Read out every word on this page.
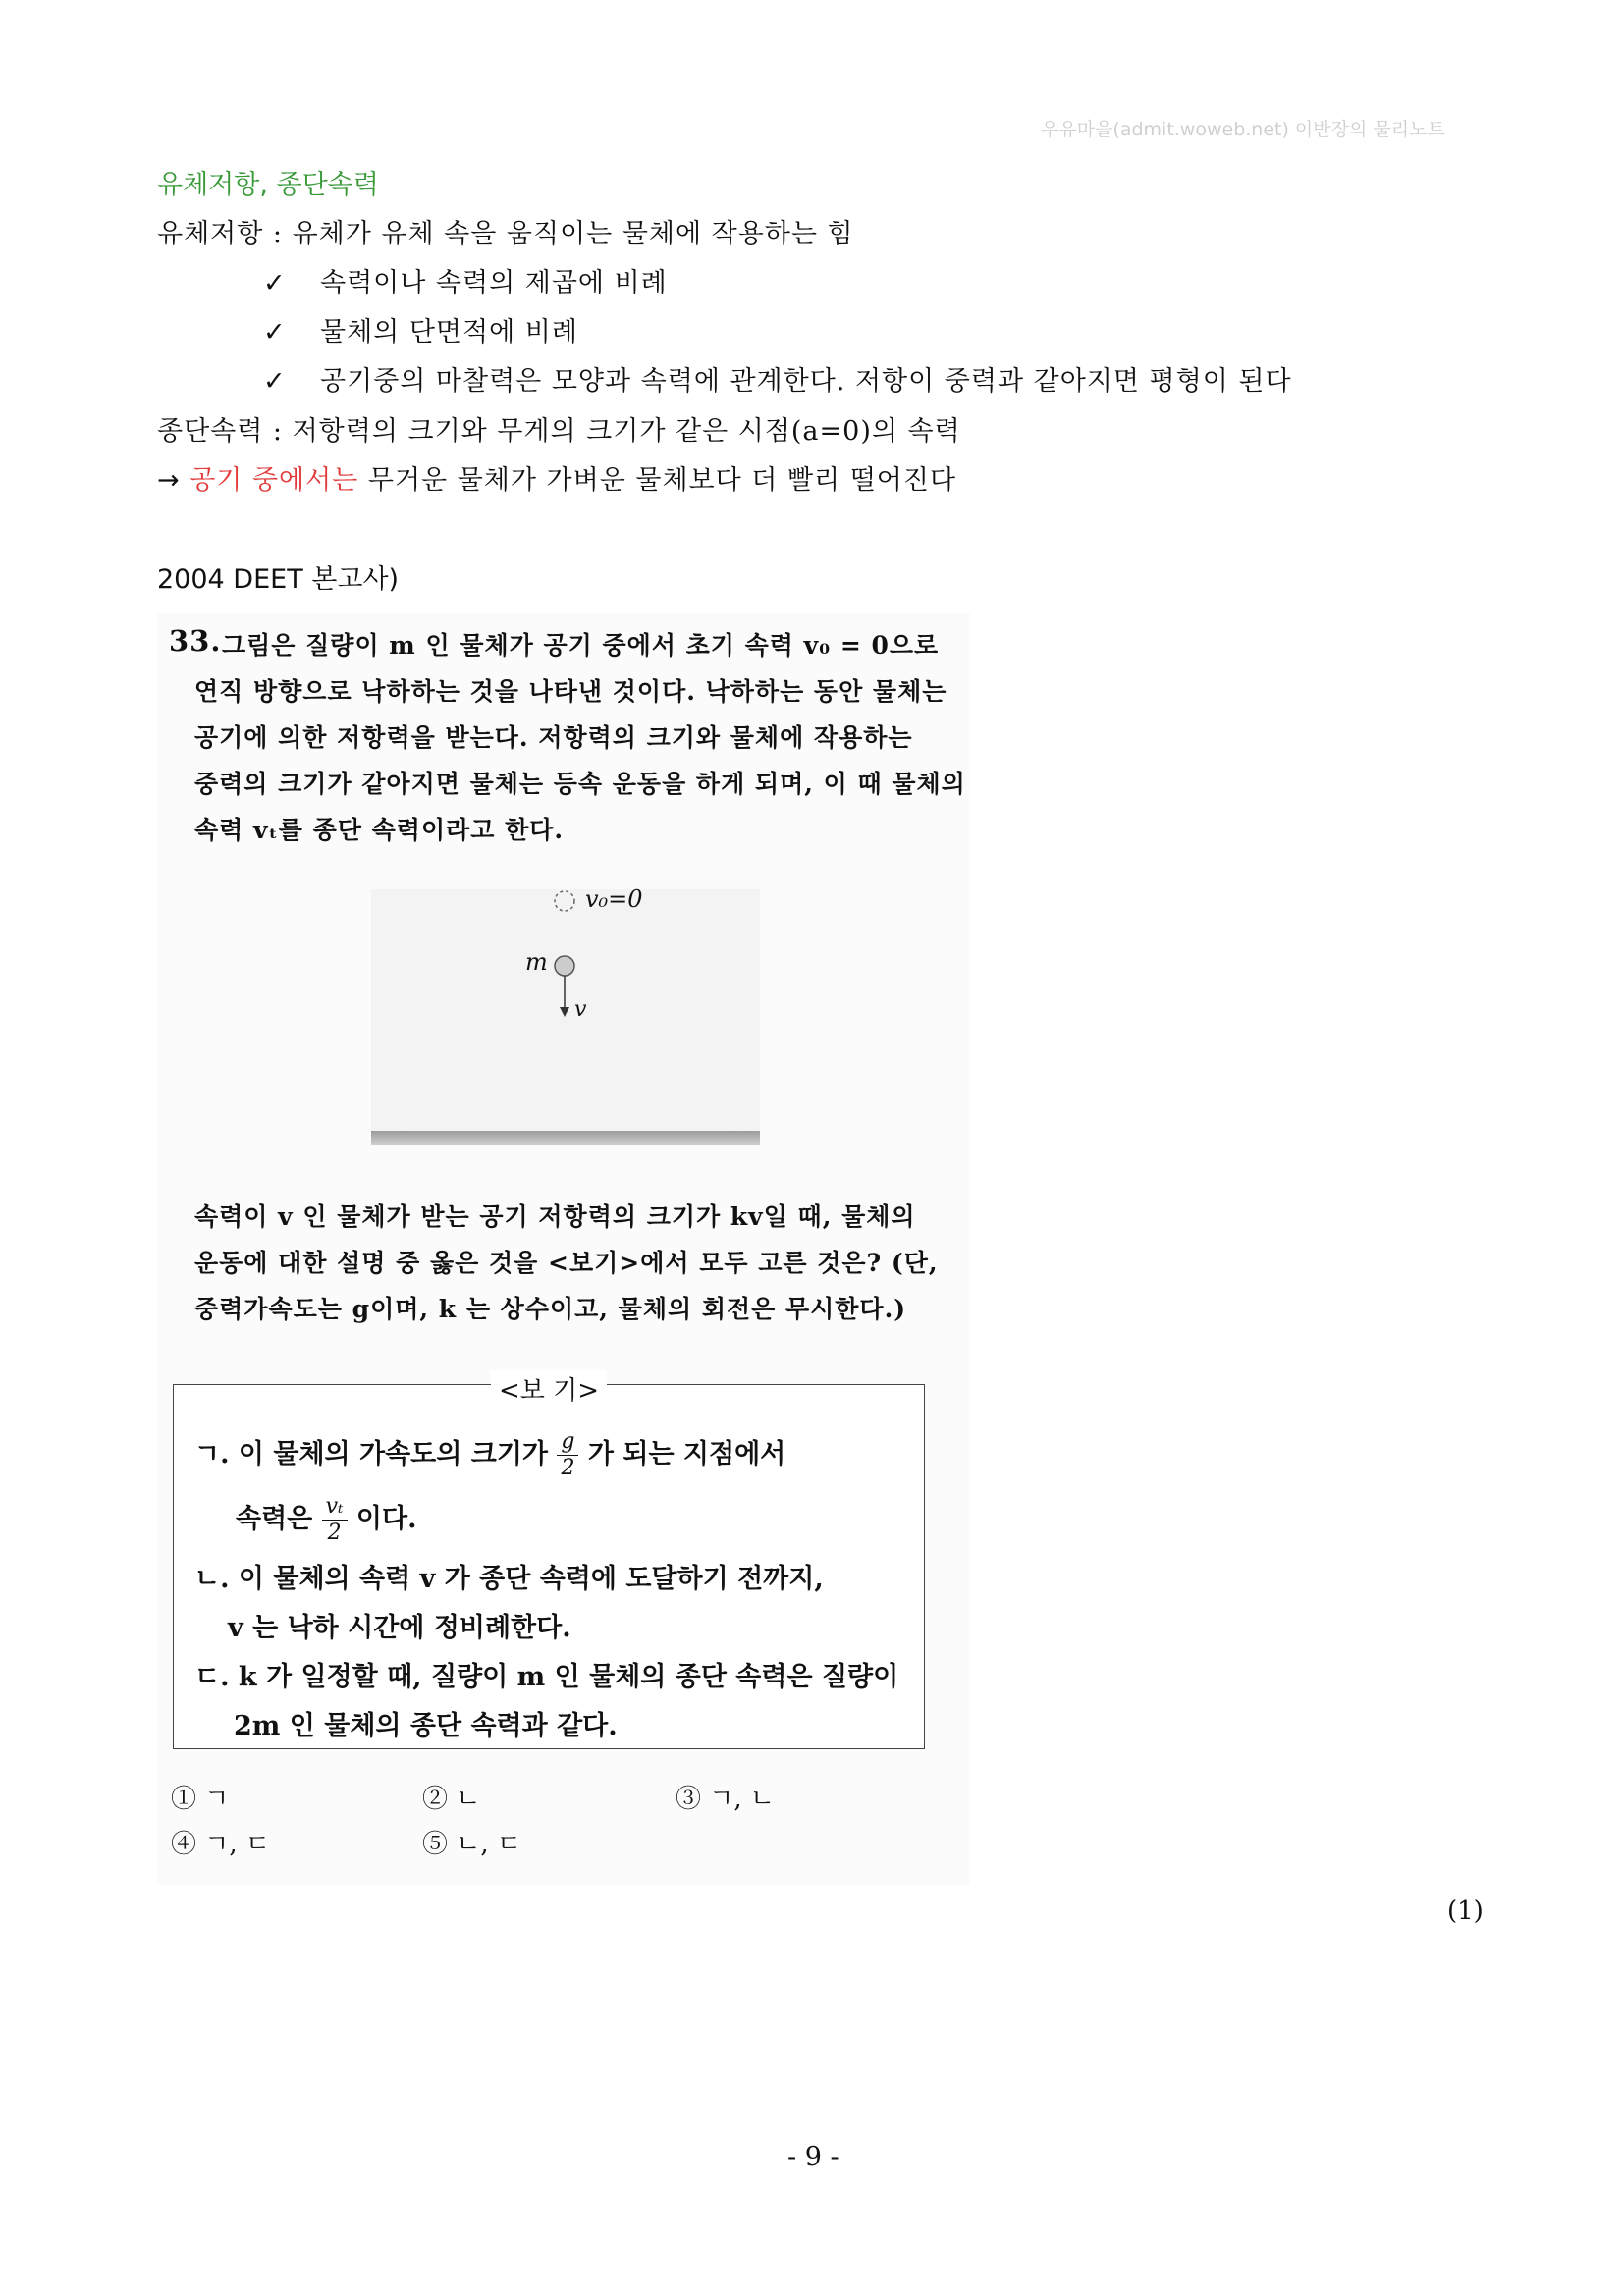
우유마을(admit.woweb.net) 이반장의 물리노트
유체저항, 종단속력
유체저항 : 유체가 유체 속을 움직이는 물체에 작용하는 힘
✓ 속력이나 속력의 제곱에 비례
✓ 물체의 단면적에 비례
✓ 공기중의 마찰력은 모양과 속력에 관계한다. 저항이 중력과 같아지면 평형이 된다
종단속력 : 저항력의 크기와 무게의 크기가 같은 시점(a=0)의 속력
→ 공기 중에서는 무거운 물체가 가벼운 물체보다 더 빨리 떨어진다
2004 DEET 본고사)
33. 그림은 질량이 m 인 물체가 공기 중에서 초기 속력 v₀ = 0으로
연직 방향으로 낙하하는 것을 나타낸 것이다. 낙하하는 동안 물체는
공기에 의한 저항력을 받는다. 저항력의 크기와 물체에 작용하는
중력의 크기가 같아지면 물체는 등속 운동을 하게 되며, 이 때 물체의
속력 vₜ를 종단 속력이라고 한다.
v₀=0
m
v
속력이 v 인 물체가 받는 공기 저항력의 크기가 kv일 때, 물체의
운동에 대한 설명 중 옳은 것을 <보기>에서 모두 고른 것은? (단,
중력가속도는 g이며, k 는 상수이고, 물체의 회전은 무시한다.)
<보 기>
ㄱ. 이 물체의 가속도의 크기가 $\frac{g}{2}$ 가 되는 지점에서
속력은 $\frac{\text{vₜ}}{2}$ 이다.
ㄴ. 이 물체의 속력 v 가 종단 속력에 도달하기 전까지,
v 는 낙하 시간에 정비례한다.
ㄷ. k 가 일정할 때, 질량이 m 인 물체의 종단 속력은 질량이
2m 인 물체의 종단 속력과 같다.
① ㄱ	② ㄴ	③ ㄱ, ㄴ
④ ㄱ, ㄷ	⑤ ㄴ, ㄷ
(1)
- 9 -
